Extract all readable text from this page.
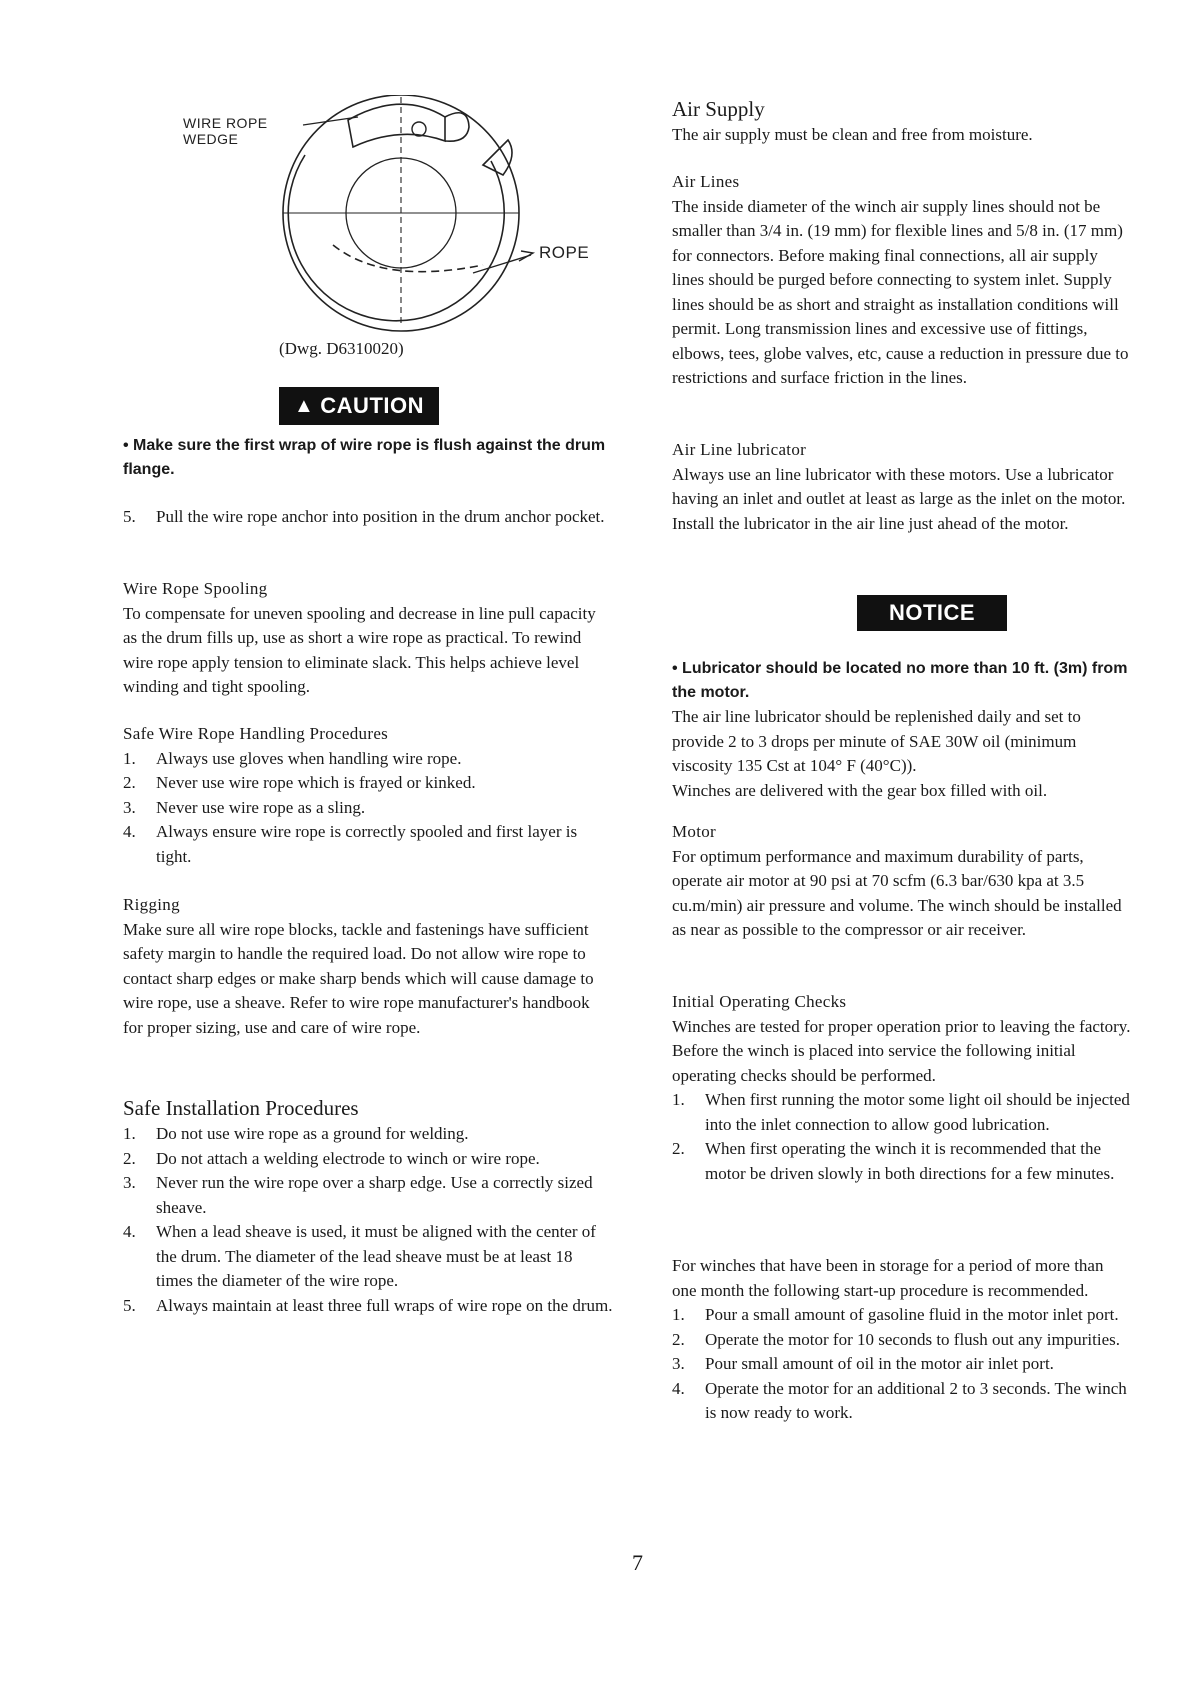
WIRE ROPE
WEDGE
ROPE
(Dwg. D6310020)
▲ CAUTION
• Make sure the first wrap of wire rope is flush against the drum flange.
5. Pull the wire rope anchor into position in the drum anchor pocket.
Wire Rope Spooling

To compensate for uneven spooling and decrease in line pull capacity as the drum fills up, use as short a wire rope as practical. To rewind wire rope apply tension to eliminate slack. This helps achieve level winding and tight spooling.

Safe Wire Rope Handling Procedures
1. Always use gloves when handling wire rope.
2. Never use wire rope which is frayed or kinked.
3. Never use wire rope as a sling.
4. Always ensure wire rope is correctly spooled and first layer is tight.
Rigging

Make sure all wire rope blocks, tackle and fastenings have sufficient safety margin to handle the required load. Do not allow wire rope to contact sharp edges or make sharp bends which will cause damage to wire rope, use a sheave. Refer to wire rope manufacturer's handbook for proper sizing, use and care of wire rope.

Safe Installation Procedures
1. Do not use wire rope as a ground for welding.
2. Do not attach a welding electrode to winch or wire rope.
3. Never run the wire rope over a sharp edge. Use a correctly sized sheave.
4. When a lead sheave is used, it must be aligned with the center of the drum. The diameter of the lead sheave must be at least 18 times the diameter of the wire rope.
5. Always maintain at least three full wraps of wire rope on the drum.
Air Supply

The air supply must be clean and free from moisture.

Air Lines

The inside diameter of the winch air supply lines should not be smaller than 3/4 in. (19 mm) for flexible lines and 5/8 in. (17 mm) for connectors. Before making final connections, all air supply lines should be purged before connecting to system inlet. Supply lines should be as short and straight as installation conditions will permit. Long transmission lines and excessive use of fittings, elbows, tees, globe valves, etc, cause a reduction in pressure due to restrictions and surface friction in the lines.

Air Line lubricator

Always use an line lubricator with these motors. Use a lubricator having an inlet and outlet at least as large as the inlet on the motor. Install the lubricator in the air line just ahead of the motor.

NOTICE

• Lubricator should be located no more than 10 ft. (3m) from the motor.

The air line lubricator should be replenished daily and set to provide 2 to 3 drops per minute of SAE 30W oil (minimum viscosity 135 Cst at 104° F (40°C)).

Winches are delivered with the gear box filled with oil.

Motor

For optimum performance and maximum durability of parts, operate air motor at 90 psi at 70 scfm (6.3 bar/630 kpa at 3.5 cu.m/min) air pressure and volume. The winch should be installed as near as possible to the compressor or air receiver.

Initial Operating Checks

Winches are tested for proper operation prior to leaving the factory. Before the winch is placed into service the following initial operating checks should be performed.

1. When first running the motor some light oil should be injected into the inlet connection to allow good lubrication.
2. When first operating the winch it is recommended that the motor be driven slowly in both directions for a few minutes.

For winches that have been in storage for a period of more than one month the following start-up procedure is recommended.

1. Pour a small amount of gasoline fluid in the motor inlet port.
2. Operate the motor for 10 seconds to flush out any impurities.
3. Pour small amount of oil in the motor air inlet port.
4. Operate the motor for an additional 2 to 3 seconds. The winch is now ready to work.
7
